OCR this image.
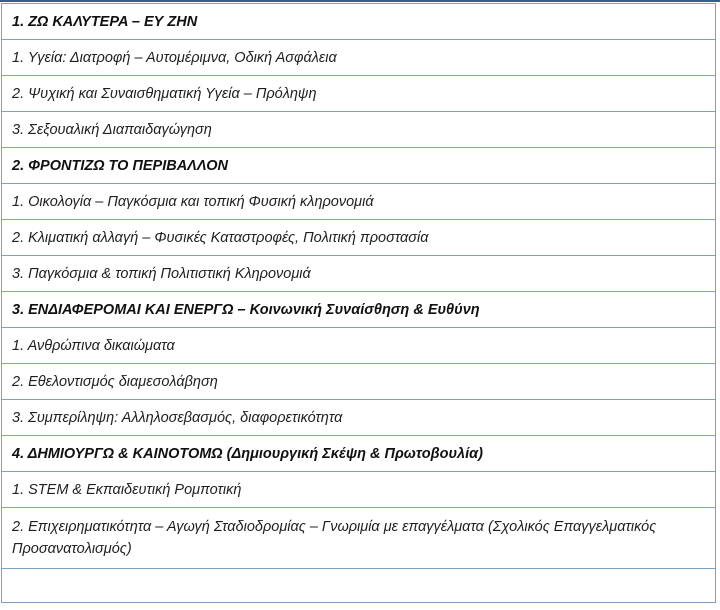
1. ΖΩ ΚΑΛΥΤΕΡΑ – ΕΥ ΖΗΝ
1. Υγεία: Διατροφή – Αυτομέριμνα, Οδική Ασφάλεια
2. Ψυχική και Συναισθηματική Υγεία – Πρόληψη
3. Σεξουαλική Διαπαιδαγώγηση
2. ΦΡΟΝΤΙΖΩ ΤΟ ΠΕΡΙΒΑΛΛΟΝ
1. Οικολογία – Παγκόσμια και τοπική Φυσική κληρονομιά
2. Κλιματική αλλαγή – Φυσικές Καταστροφές, Πολιτική προστασία
3. Παγκόσμια & τοπική Πολιτιστική Κληρονομιά
3. ΕΝΔΙΑΦΕΡΟΜΑΙ ΚΑΙ ΕΝΕΡΓΩ – Κοινωνική Συναίσθηση & Ευθύνη
1. Ανθρώπινα δικαιώματα
2. Εθελοντισμός διαμεσολάβηση
3. Συμπερίληψη: Αλληλοσεβασμός, διαφορετικότητα
4. ΔΗΜΙΟΥΡΓΩ & ΚΑΙΝΟΤΟΜΩ (Δημιουργική Σκέψη & Πρωτοβουλία)
1. STEM & Εκπαιδευτική Ρομποτική
2. Επιχειρηματικότητα – Αγωγή Σταδιοδρομίας – Γνωριμία με επαγγέλματα (Σχολικός Επαγγελματικός Προσανατολισμός)
